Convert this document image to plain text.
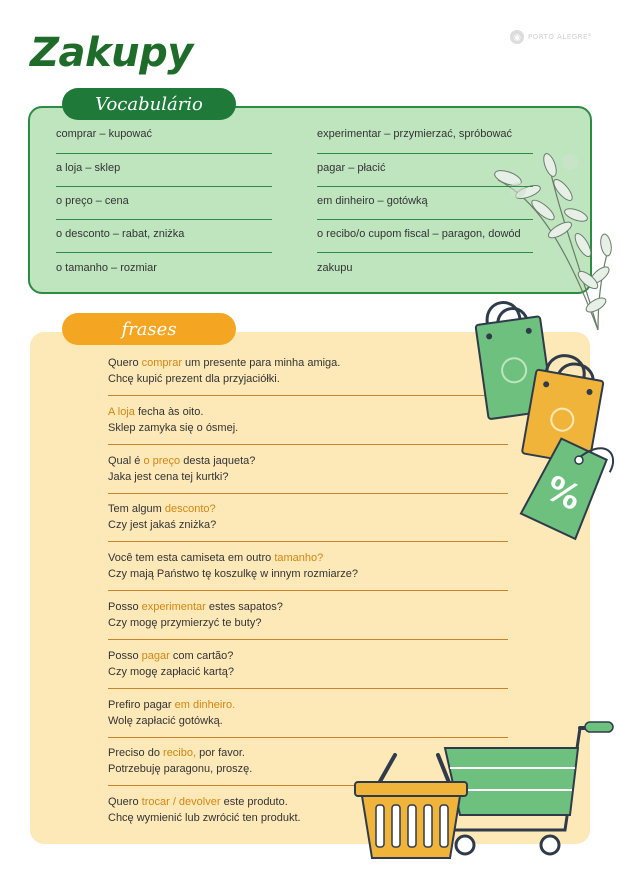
Zakupy	◉	PORTO ALEGRE°
Vocabulário
comprar – kupować
a loja – sklep
o preço – cena
o desconto – rabat, zniżka
o tamanho – rozmiar
experimentar – przymierzać, spróbować
pagar – płacić
em dinheiro – gotówką
o recibo/o cupom fiscal – paragon, dowód
zakupu
frases
Quero comprar um presente para minha amiga.
Chcę kupić prezent dla przyjaciółki.
A loja fecha às oito.
Sklep zamyka się o ósmej.
Qual é o preço desta jaqueta?
Jaka jest cena tej kurtki?
Tem algum desconto?
Czy jest jakaś zniżka?
Você tem esta camiseta em outro tamanho?
Czy mają Państwo tę koszulkę w innym rozmiarze?
Posso experimentar estes sapatos?
Czy mogę przymierzyć te buty?
Posso pagar com cartão?
Czy mogę zapłacić kartą?
Prefiro pagar em dinheiro.
Wolę zapłacić gotówką.
Preciso do recibo, por favor.
Potrzebuję paragonu, proszę.
Quero trocar / devolver este produto.
Chcę wymienić lub zwrócić ten produkt.
%
